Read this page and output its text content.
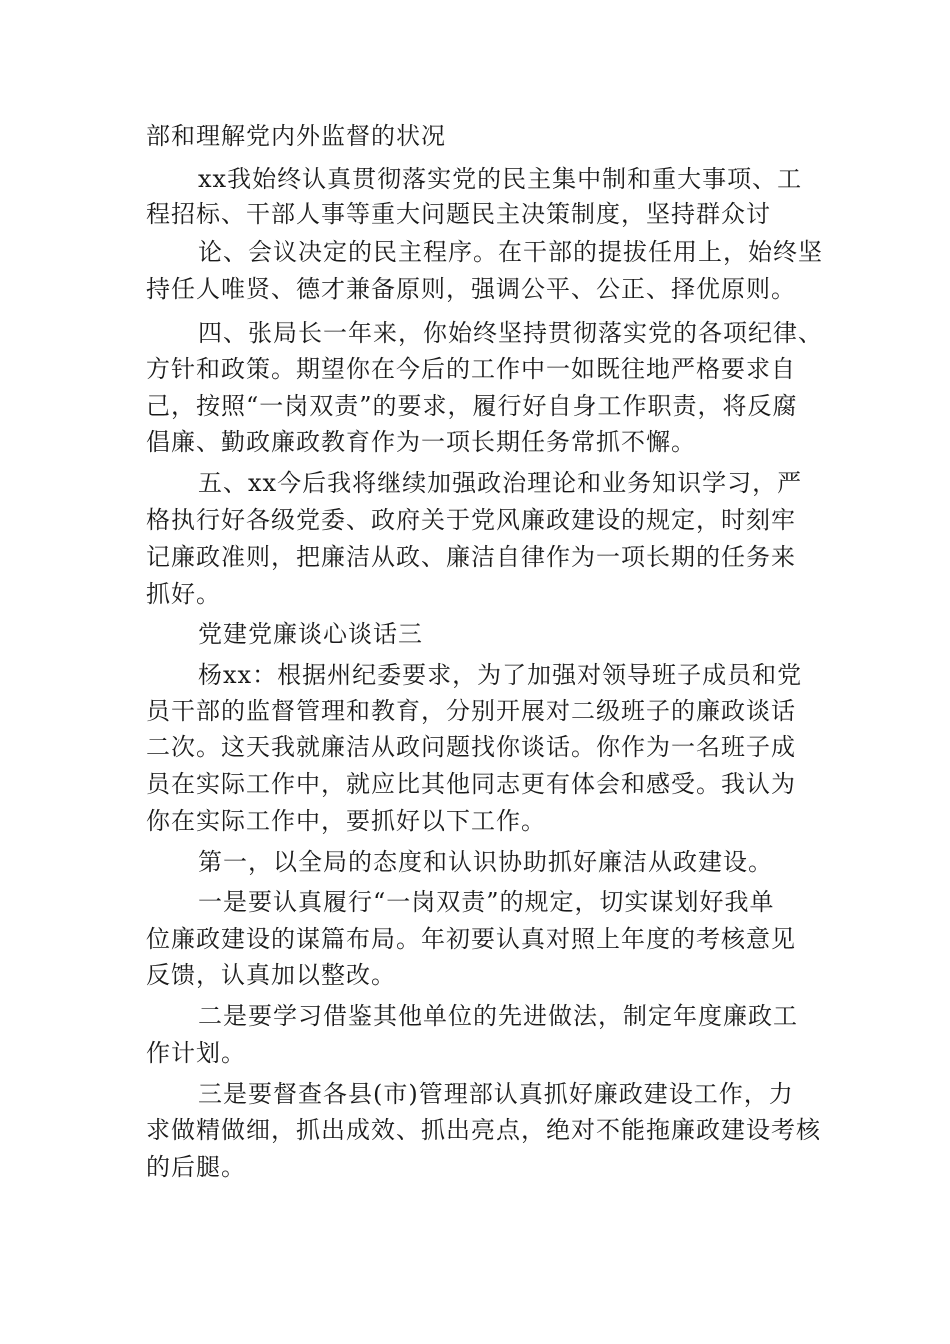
部和理解党内外监督的状况
xx我始终认真贯彻落实党的民主集中制和重大事项、工
程招标、干部人事等重大问题民主决策制度，坚持群众讨
论、会议决定的民主程序。在干部的提拔任用上，始终坚
持任人唯贤、德才兼备原则，强调公平、公正、择优原则。
四、张局长一年来，你始终坚持贯彻落实党的各项纪律、
方针和政策。期望你在今后的工作中一如既往地严格要求自
己，按照“一岗双责”的要求，履行好自身工作职责，将反腐
倡廉、勤政廉政教育作为一项长期任务常抓不懈。
五、xx今后我将继续加强政治理论和业务知识学习，严
格执行好各级党委、政府关于党风廉政建设的规定，时刻牢
记廉政准则，把廉洁从政、廉洁自律作为一项长期的任务来
抓好。
党建党廉谈心谈话三
杨xx：根据州纪委要求，为了加强对领导班子成员和党
员干部的监督管理和教育，分别开展对二级班子的廉政谈话
二次。这天我就廉洁从政问题找你谈话。你作为一名班子成
员在实际工作中，就应比其他同志更有体会和感受。我认为
你在实际工作中，要抓好以下工作。
第一，以全局的态度和认识协助抓好廉洁从政建设。
一是要认真履行“一岗双责”的规定，切实谋划好我单
位廉政建设的谋篇布局。年初要认真对照上年度的考核意见
反馈，认真加以整改。
二是要学习借鉴其他单位的先进做法，制定年度廉政工
作计划。
三是要督查各县(市)管理部认真抓好廉政建设工作，力
求做精做细，抓出成效、抓出亮点，绝对不能拖廉政建设考核
的后腿。
